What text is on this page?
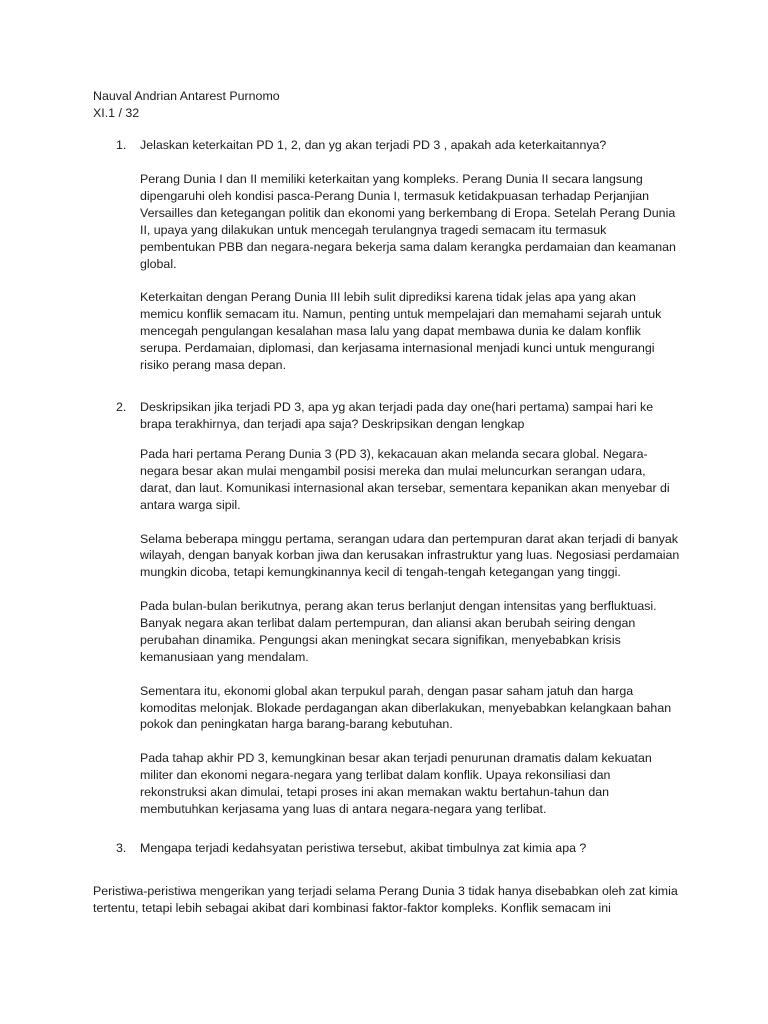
Nauval Andrian Antarest Purnomo
XI.1 / 32
1. Jelaskan keterkaitan PD 1, 2, dan yg akan terjadi PD 3 , apakah ada keterkaitannya?

Perang Dunia I dan II memiliki keterkaitan yang kompleks. Perang Dunia II secara langsung dipengaruhi oleh kondisi pasca-Perang Dunia I, termasuk ketidakpuasan terhadap Perjanjian Versailles dan ketegangan politik dan ekonomi yang berkembang di Eropa. Setelah Perang Dunia II, upaya yang dilakukan untuk mencegah terulangnya tragedi semacam itu termasuk pembentukan PBB dan negara-negara bekerja sama dalam kerangka perdamaian dan keamanan global.

Keterkaitan dengan Perang Dunia III lebih sulit diprediksi karena tidak jelas apa yang akan memicu konflik semacam itu. Namun, penting untuk mempelajari dan memahami sejarah untuk mencegah pengulangan kesalahan masa lalu yang dapat membawa dunia ke dalam konflik serupa. Perdamaian, diplomasi, dan kerjasama internasional menjadi kunci untuk mengurangi risiko perang masa depan.

2. Deskripsikan jika terjadi PD 3, apa yg akan terjadi pada day one(hari pertama) sampai hari ke brapa terakhirnya, dan terjadi apa saja? Deskripsikan dengan lengkap

Pada hari pertama Perang Dunia 3 (PD 3), kekacauan akan melanda secara global. Negara-negara besar akan mulai mengambil posisi mereka dan mulai meluncurkan serangan udara, darat, dan laut. Komunikasi internasional akan tersebar, sementara kepanikan akan menyebar di antara warga sipil.

Selama beberapa minggu pertama, serangan udara dan pertempuran darat akan terjadi di banyak wilayah, dengan banyak korban jiwa dan kerusakan infrastruktur yang luas. Negosiasi perdamaian mungkin dicoba, tetapi kemungkinannya kecil di tengah-tengah ketegangan yang tinggi.

Pada bulan-bulan berikutnya, perang akan terus berlanjut dengan intensitas yang berfluktuasi. Banyak negara akan terlibat dalam pertempuran, dan aliansi akan berubah seiring dengan perubahan dinamika. Pengungsi akan meningkat secara signifikan, menyebabkan krisis kemanusiaan yang mendalam.

Sementara itu, ekonomi global akan terpukul parah, dengan pasar saham jatuh dan harga komoditas melonjak. Blokade perdagangan akan diberlakukan, menyebabkan kelangkaan bahan pokok dan peningkatan harga barang-barang kebutuhan.

Pada tahap akhir PD 3, kemungkinan besar akan terjadi penurunan dramatis dalam kekuatan militer dan ekonomi negara-negara yang terlibat dalam konflik. Upaya rekonsiliasi dan rekonstruksi akan dimulai, tetapi proses ini akan memakan waktu bertahun-tahun dan membutuhkan kerjasama yang luas di antara negara-negara yang terlibat.

3. Mengapa terjadi kedahsyatan peristiwa tersebut, akibat timbulnya zat kimia apa ?
Peristiwa-peristiwa mengerikan yang terjadi selama Perang Dunia 3 tidak hanya disebabkan oleh zat kimia tertentu, tetapi lebih sebagai akibat dari kombinasi faktor-faktor kompleks. Konflik semacam ini
